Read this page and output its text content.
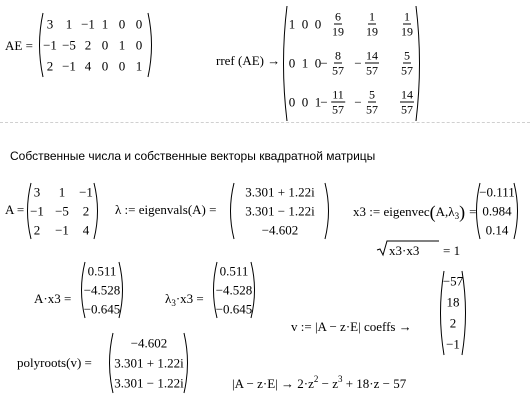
AE =
3 1 −1 1 0 0
−1 −5 2 0 1 0
2 −1 4 0 0 1	rref (AE) →
1 0 $0 \frac{6}{19} \frac{1}{19} \frac{1}{19}$
0 1 $0 - \frac{8}{57} - \frac{14}{57} \frac{5}{57}$
0 0 $1 - \frac{11}{57} - \frac{5}{57} \frac{14}{57}$
Собственные числа и собственные векторы квадратной матрицы
A =
3 1 −1
−1 −5 2
2 −1 4
λ := eigenvals(A) =
3.301 + 1.22i
3.301 − 1.22i
−4.602
x3 := $eigenvec(A,\lambda_3)$ =
−0.111
0.984
0.14
x3·x3 = 1
A·x3 =
0.511
−4.528
−0.645
$\lambda_3\cdot x3$ =
0.511
−4.528
−0.645
v := |A − z·E| coeffs →
−57
18
2
−1
polyroots(v) =
−4.602
3.301 + 1.22i
3.301 − 1.22i	$|A - z\cdot E| \to 2\cdot z^2 - z^3 + 18\cdot z - 57$
